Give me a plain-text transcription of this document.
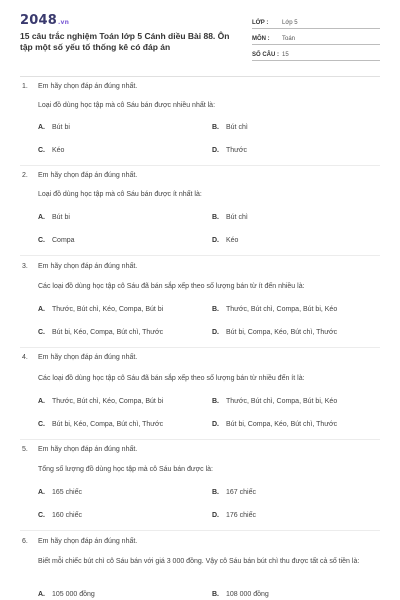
2048.vn
15 câu trắc nghiệm Toán lớp 5 Cánh diều Bài 88. Ôn tập một số yếu tố thống kê có đáp án
LỚP :	Lớp 5
MÔN :	Toán
SỐ CÂU : 15
1. Em hãy chọn đáp án đúng nhất.
Loại đồ dùng học tập mà cô Sáu bán được nhiều nhất là:
A. Bút bi	B. Bút chì
C. Kéo	D. Thước
2. Em hãy chọn đáp án đúng nhất.
Loại đồ dùng học tập mà cô Sáu bán được ít nhất là:
A. Bút bi	B. Bút chì
C. Compa	D. Kéo
3. Em hãy chọn đáp án đúng nhất.
Các loại đồ dùng học tập cô Sáu đã bán sắp xếp theo số lượng bán từ ít đến nhiều là:
A. Thước, Bút chì, Kéo, Compa, Bút bi	B. Thước, Bút chì, Compa, Bút bi, Kéo
C. Bút bi, Kéo, Compa, Bút chì, Thước	D. Bút bi, Compa, Kéo, Bút chì, Thước
4. Em hãy chọn đáp án đúng nhất.
Các loại đồ dùng học tập cô Sáu đã bán sắp xếp theo số lượng bán từ nhiều đến ít là:
A. Thước, Bút chì, Kéo, Compa, Bút bi	B. Thước, Bút chì, Compa, Bút bi, Kéo
C. Bút bi, Kéo, Compa, Bút chì, Thước	D. Bút bi, Compa, Kéo, Bút chì, Thước
5. Em hãy chọn đáp án đúng nhất.
Tổng số lượng đồ dùng học tập mà cô Sáu bán được là:
A. 165 chiếc	B. 167 chiếc
C. 160 chiếc	D. 176 chiếc
6. Em hãy chọn đáp án đúng nhất.
Biết mỗi chiếc bút chì cô Sáu bán với giá 3 000 đồng. Vậy cô Sáu bán bút chì thu được tất cả số tiền là:
A. 105 000 đồng	B. 108 000 đồng
